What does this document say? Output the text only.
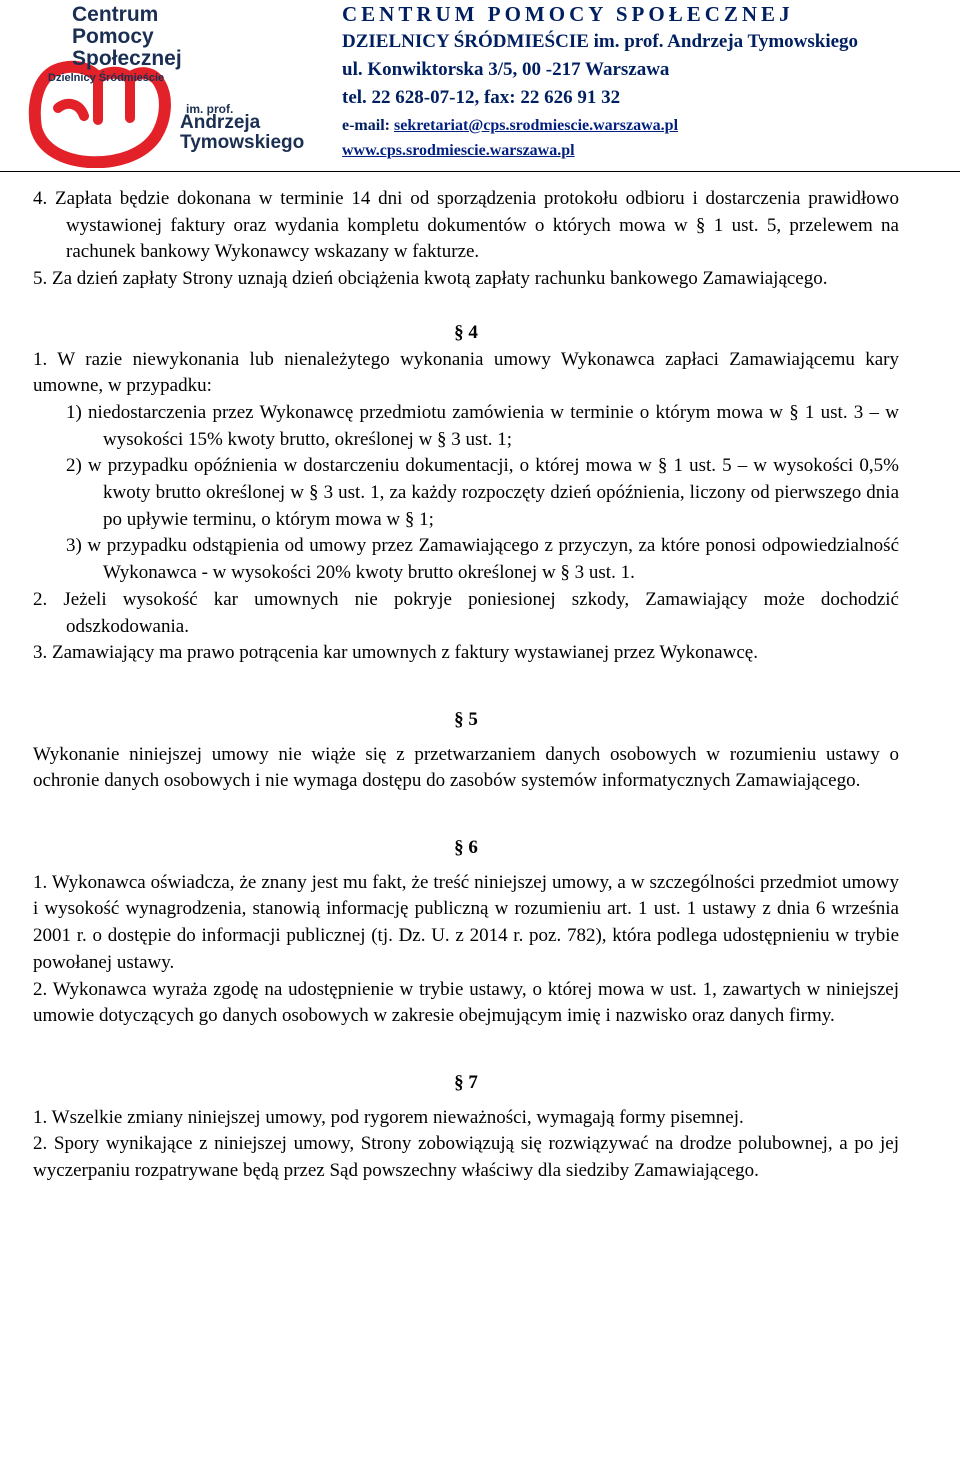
Centrum
Pomocy
Społecznej
Dzielnicy Śródmieście
im. prof.
Andrzeja
Tymowskiego
CENTRUM POMOCY SPOŁECZNEJ
DZIELNICY ŚRÓDMIEŚCIE im. prof. Andrzeja Tymowskiego
ul. Konwiktorska 3/5, 00 -217 Warszawa
tel. 22 628-07-12, fax: 22 626 91 32
e-mail: sekretariat@cps.srodmiescie.warszawa.pl
www.cps.srodmiescie.warszawa.pl

4. Zapłata będzie dokonana w terminie 14 dni od sporządzenia protokołu odbioru i dostarczenia prawidłowo wystawionej faktury oraz wydania kompletu dokumentów o których mowa w § 1 ust. 5, przelewem na rachunek bankowy Wykonawcy wskazany w fakturze.

5. Za dzień zapłaty Strony uznają dzień obciążenia kwotą zapłaty rachunku bankowego Zamawiającego.

§ 4

1. W razie niewykonania lub nienależytego wykonania umowy Wykonawca zapłaci Zamawiającemu kary umowne, w przypadku:

1) niedostarczenia przez Wykonawcę przedmiotu zamówienia w terminie o którym mowa w § 1 ust. 3 – w wysokości 15% kwoty brutto, określonej w § 3 ust. 1;

2) w przypadku opóźnienia w dostarczeniu dokumentacji, o której mowa w § 1 ust. 5 – w wysokości 0,5% kwoty brutto określonej w § 3 ust. 1, za każdy rozpoczęty dzień opóźnienia, liczony od pierwszego dnia po upływie terminu, o którym mowa w § 1;

3) w przypadku odstąpienia od umowy przez Zamawiającego z przyczyn, za które ponosi odpowiedzialność Wykonawca - w wysokości 20% kwoty brutto określonej w § 3 ust. 1.

2. Jeżeli wysokość kar umownych nie pokryje poniesionej szkody, Zamawiający może dochodzić odszkodowania.

3. Zamawiający ma prawo potrącenia kar umownych z faktury wystawianej przez Wykonawcę.

§ 5

Wykonanie niniejszej umowy nie wiąże się z przetwarzaniem danych osobowych w rozumieniu ustawy o ochronie danych osobowych i nie wymaga dostępu do zasobów systemów informatycznych Zamawiającego.

§ 6

1. Wykonawca oświadcza, że znany jest mu fakt, że treść niniejszej umowy, a w szczególności przedmiot umowy i wysokość wynagrodzenia, stanowią informację publiczną w rozumieniu art. 1 ust. 1 ustawy z dnia 6 września 2001 r. o dostępie do informacji publicznej (tj. Dz. U. z 2014 r. poz. 782), która podlega udostępnieniu w trybie powołanej ustawy.

2. Wykonawca wyraża zgodę na udostępnienie w trybie ustawy, o której mowa w ust. 1, zawartych w niniejszej umowie dotyczących go danych osobowych w zakresie obejmującym imię i nazwisko oraz danych firmy.

§ 7

1. Wszelkie zmiany niniejszej umowy, pod rygorem nieważności, wymagają formy pisemnej.

2. Spory wynikające z niniejszej umowy, Strony zobowiązują się rozwiązywać na drodze polubownej, a po jej wyczerpaniu rozpatrywane będą przez Sąd powszechny właściwy dla siedziby Zamawiającego.
